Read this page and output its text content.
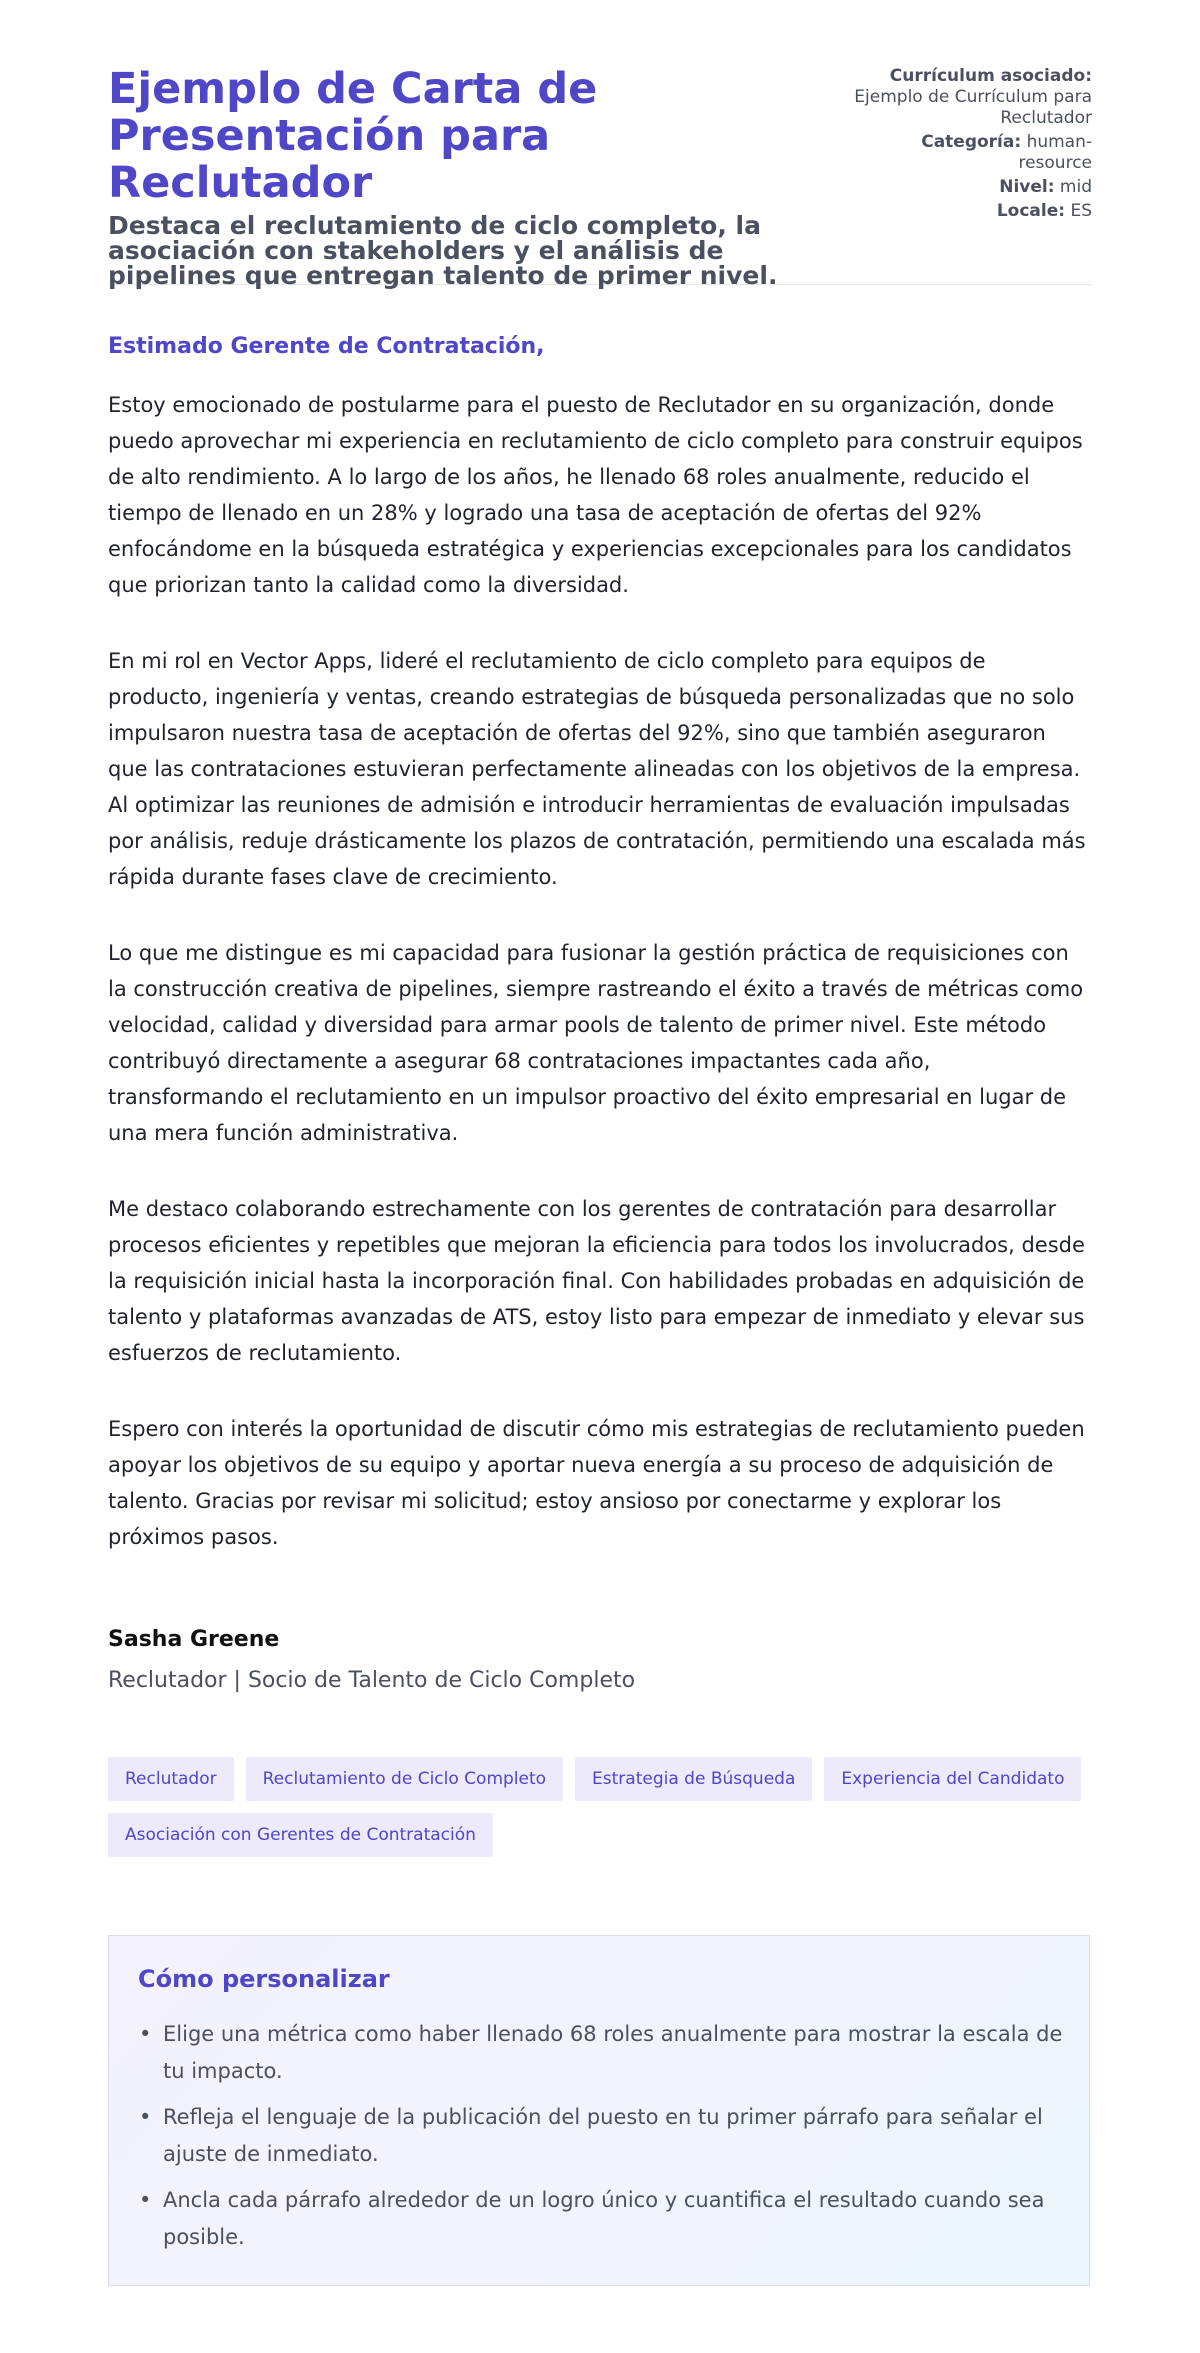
Ejemplo de Carta de Presentación para Reclutador

Destaca el reclutamiento de ciclo completo, la asociación con stakeholders y el análisis de pipelines que entregan talento de primer nivel.

Currículum asociado: Ejemplo de Currículum para Reclutador
Categoría: human-resource
Nivel: mid
Locale: ES

Estimado Gerente de Contratación,

Estoy emocionado de postularme para el puesto de Reclutador en su organización, donde puedo aprovechar mi experiencia en reclutamiento de ciclo completo para construir equipos de alto rendimiento. A lo largo de los años, he llenado 68 roles anualmente, reducido el tiempo de llenado en un 28% y logrado una tasa de aceptación de ofertas del 92% enfocándome en la búsqueda estratégica y experiencias excepcionales para los candidatos que priorizan tanto la calidad como la diversidad.

En mi rol en Vector Apps, lideré el reclutamiento de ciclo completo para equipos de producto, ingeniería y ventas, creando estrategias de búsqueda personalizadas que no solo impulsaron nuestra tasa de aceptación de ofertas del 92%, sino que también aseguraron que las contrataciones estuvieran perfectamente alineadas con los objetivos de la empresa. Al optimizar las reuniones de admisión e introducir herramientas de evaluación impulsadas por análisis, reduje drásticamente los plazos de contratación, permitiendo una escalada más rápida durante fases clave de crecimiento.

Lo que me distingue es mi capacidad para fusionar la gestión práctica de requisiciones con la construcción creativa de pipelines, siempre rastreando el éxito a través de métricas como velocidad, calidad y diversidad para armar pools de talento de primer nivel. Este método contribuyó directamente a asegurar 68 contrataciones impactantes cada año, transformando el reclutamiento en un impulsor proactivo del éxito empresarial en lugar de una mera función administrativa.

Me destaco colaborando estrechamente con los gerentes de contratación para desarrollar procesos eficientes y repetibles que mejoran la eficiencia para todos los involucrados, desde la requisición inicial hasta la incorporación final. Con habilidades probadas en adquisición de talento y plataformas avanzadas de ATS, estoy listo para empezar de inmediato y elevar sus esfuerzos de reclutamiento.

Espero con interés la oportunidad de discutir cómo mis estrategias de reclutamiento pueden apoyar los objetivos de su equipo y aportar nueva energía a su proceso de adquisición de talento. Gracias por revisar mi solicitud; estoy ansioso por conectarme y explorar los próximos pasos.

Sasha Greene

Reclutador | Socio de Talento de Ciclo Completo

Reclutador	Reclutamiento de Ciclo Completo	Estrategia de Búsqueda	Experiencia del Candidato
Asociación con Gerentes de Contratación
Cómo personalizar
• Elige una métrica como haber llenado 68 roles anualmente para mostrar la escala de tu impacto.
• Refleja el lenguaje de la publicación del puesto en tu primer párrafo para señalar el ajuste de inmediato.
• Ancla cada párrafo alrededor de un logro único y cuantifica el resultado cuando sea posible.
